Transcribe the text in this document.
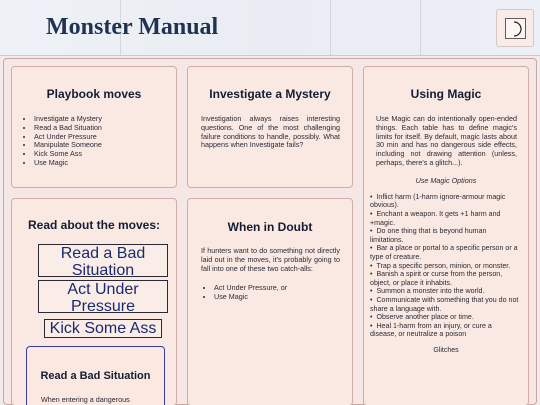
Monster Manual
Playbook moves
• Investigate a Mystery
• Read a Bad Situation
• Act Under Pressure
• Manipulate Someone
• Kick Some Ass
• Use Magic
Investigate a Mystery

Investigation always raises interesting questions. One of the most challenging failure conditions to handle, possibly. What happens when Investigate fails?

Using Magic

Use Magic can do intentionally open-ended things. Each table has to define magic's limits for itself. By default, magic lasts about 30 min and has no dangerous side effects, including not drawing attention (unless, perhaps, there's a glitch...).

Use Magic Options
•  Inflict harm (1-harm ignore-armour magic obvious).
•  Enchant a weapon. It gets +1 harm and +magic.
•  Do one thing that is beyond human limitations.
•  Bar a place or portal to a specific person or a type of creature.
•  Trap a specific person, minion, or monster.
•  Banish a spirit or curse from the person, object, or place it inhabits.
•  Summon a monster into the world.
•  Communicate with something that you do not share a language with.
•  Observe another place or time.
•  Heal 1-harm from an injury, or cure a disease, or neutralize a poison
Glitches
Read about the moves:
Read a Bad Situation
Act Under Pressure
Kick Some Ass
Read a Bad Situation

When entering a dangerous

When in Doubt

If hunters want to do something not directly laid out in the moves, it's probably going to fall into one of these two catch-alls:

• Act Under Pressure, or
• Use Magic
